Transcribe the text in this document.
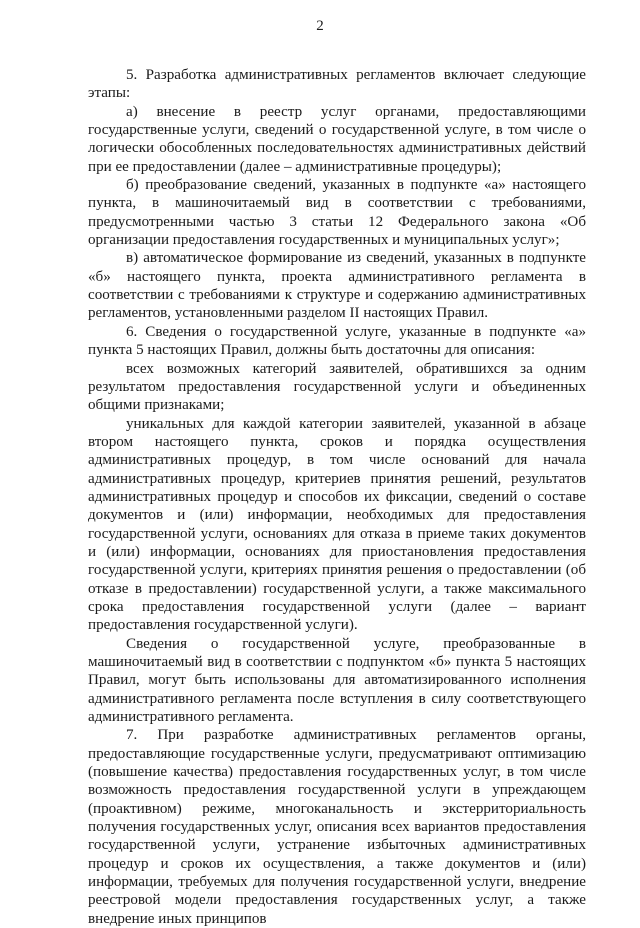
2

5. Разработка административных регламентов включает следующие этапы:

а) внесение в реестр услуг органами, предоставляющими государственные услуги, сведений о государственной услуге, в том числе о логически обособленных последовательностях административных действий при ее предоставлении (далее – административные процедуры);

б) преобразование сведений, указанных в подпункте «а» настоящего пункта, в машиночитаемый вид в соответствии с требованиями, предусмотренными частью 3 статьи 12 Федерального закона «Об организации предоставления государственных и муниципальных услуг»;

в) автоматическое формирование из сведений, указанных в подпункте «б» настоящего пункта, проекта административного регламента в соответствии с требованиями к структуре и содержанию административных регламентов, установленными разделом II настоящих Правил.

6. Сведения о государственной услуге, указанные в подпункте «а» пункта 5 настоящих Правил, должны быть достаточны для описания:

всех возможных категорий заявителей, обратившихся за одним результатом предоставления государственной услуги и объединенных общими признаками;

уникальных для каждой категории заявителей, указанной в абзаце втором настоящего пункта, сроков и порядка осуществления административных процедур, в том числе оснований для начала административных процедур, критериев принятия решений, результатов административных процедур и способов их фиксации, сведений о составе документов и (или) информации, необходимых для предоставления государственной услуги, основаниях для отказа в приеме таких документов и (или) информации, основаниях для приостановления предоставления государственной услуги, критериях принятия решения о предоставлении (об отказе в предоставлении) государственной услуги, а также максимального срока предоставления государственной услуги (далее – вариант предоставления государственной услуги).

Сведения о государственной услуге, преобразованные в машиночитаемый вид в соответствии с подпунктом «б» пункта 5 настоящих Правил, могут быть использованы для автоматизированного исполнения административного регламента после вступления в силу соответствующего административного регламента.

7. При разработке административных регламентов органы, предоставляющие государственные услуги, предусматривают оптимизацию (повышение качества) предоставления государственных услуг, в том числе возможность предоставления государственной услуги в упреждающем (проактивном) режиме, многоканальность и экстерриториальность получения государственных услуг, описания всех вариантов предоставления государственной услуги, устранение избыточных административных процедур и сроков их осуществления, а также документов и (или) информации, требуемых для получения государственной услуги, внедрение реестровой модели предоставления государственных услуг, а также внедрение иных принципов
